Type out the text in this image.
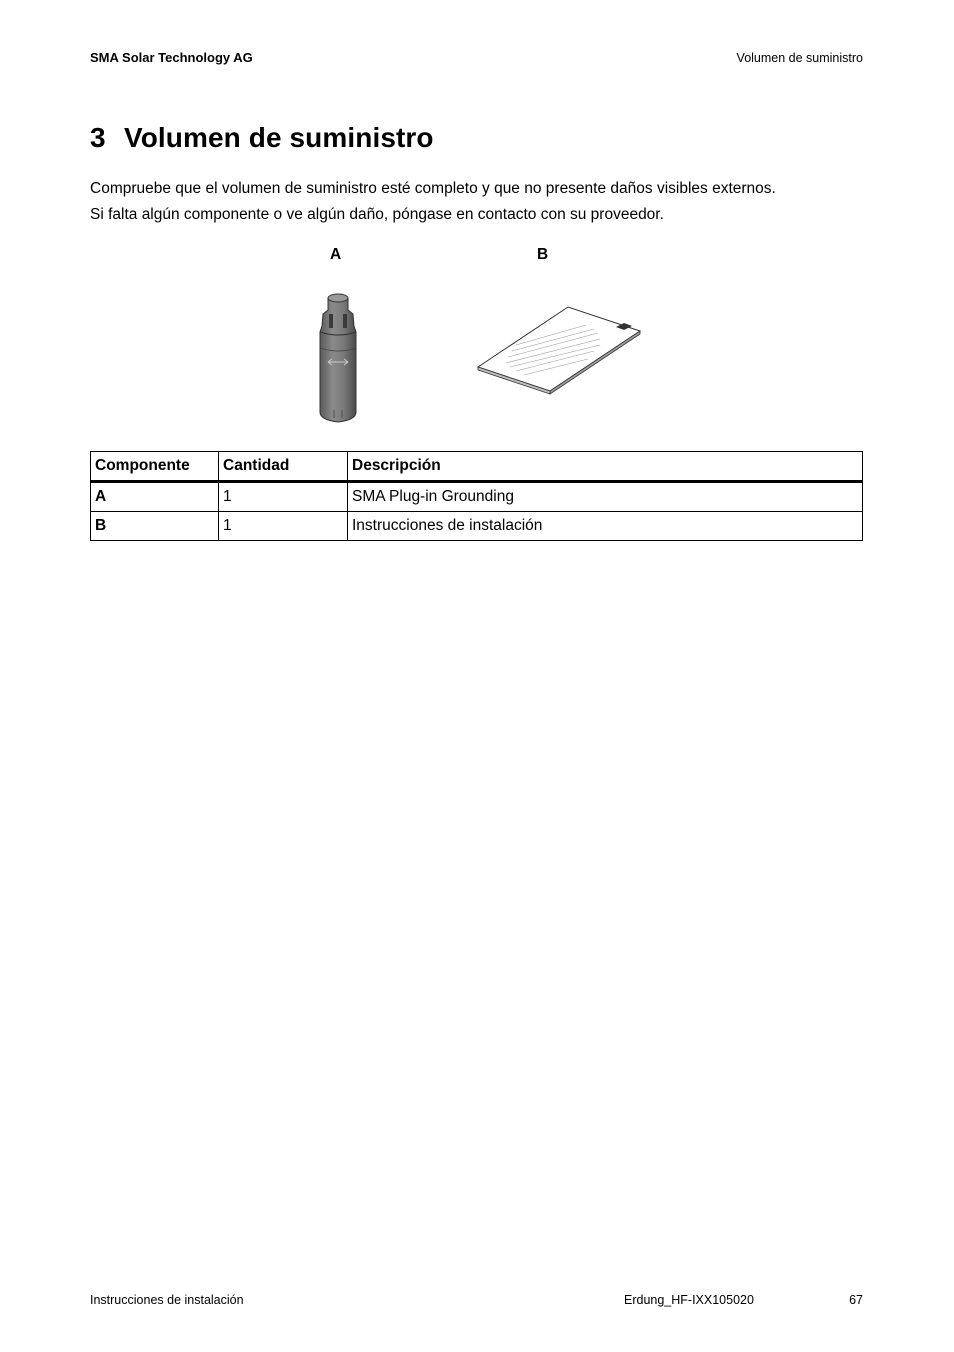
SMA Solar Technology AG	Volumen de suministro
3 Volumen de suministro

Compruebe que el volumen de suministro esté completo y que no presente daños visibles externos.

Si falta algún componente o ve algún daño, póngase en contacto con su proveedor.

A	B
Componente	Cantidad	Descripción
A	1	SMA Plug-in Grounding
B	1	Instrucciones de instalación
Instrucciones de instalación	Erdung_HF-IXX105020	67
